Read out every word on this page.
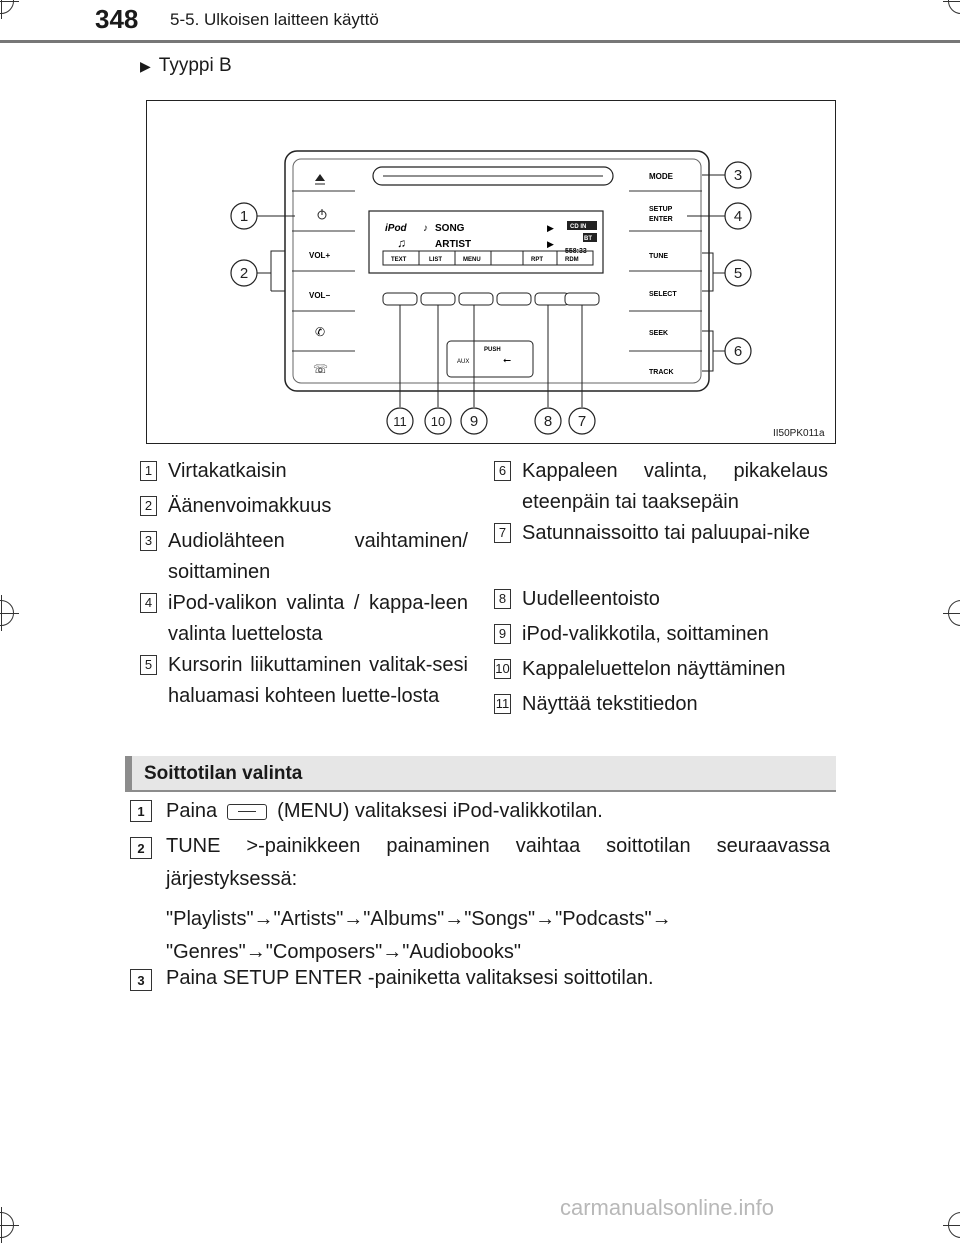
348 5-5. Ulkoisen laitteen käyttö
▶ Tyyppi B
VOL+
VOL−
✆
☏
iPod	SONG
ARTIST
♪
♫
▶
▶
CD IN
BT
558:33
TEXT	LIST	MENU	RPT	RDM
PUSH
AUX	⭠
MODE
SETUP
ENTER
TUNE
SELECT
SEEK
TRACK
1
2
3
4
5
6
7
8
9
10
11
II50PK011a
1 Virtakatkaisin
2 Äänenvoimakkuus
3 Audiolähteen vaihtaminen/ soittaminen
4 iPod-valikon valinta / kappa-leen valinta luettelosta
5 Kursorin liikuttaminen valitak-sesi haluamasi kohteen luette-losta
6 Kappaleen valinta, pikakelaus eteenpäin tai taaksepäin
7 Satunnaissoitto tai paluupai-nike
8 Uudelleentoisto
9 iPod-valikkotila, soittaminen
10 Kappaleluettelon näyttäminen
11 Näyttää tekstitiedon
Soittotilan valinta
1	Paina	(MENU) valitaksesi iPod-valikkotilan.
2	TUNE >-painikkeen painaminen vaihtaa soittotilan seuraavassa järjestyksessä:
"Playlists"→"Artists"→"Albums"→"Songs"→"Podcasts"→ "Genres"→"Composers"→"Audiobooks"
3	Paina SETUP ENTER -painiketta valitaksesi soittotilan.
carmanualsonline.info
